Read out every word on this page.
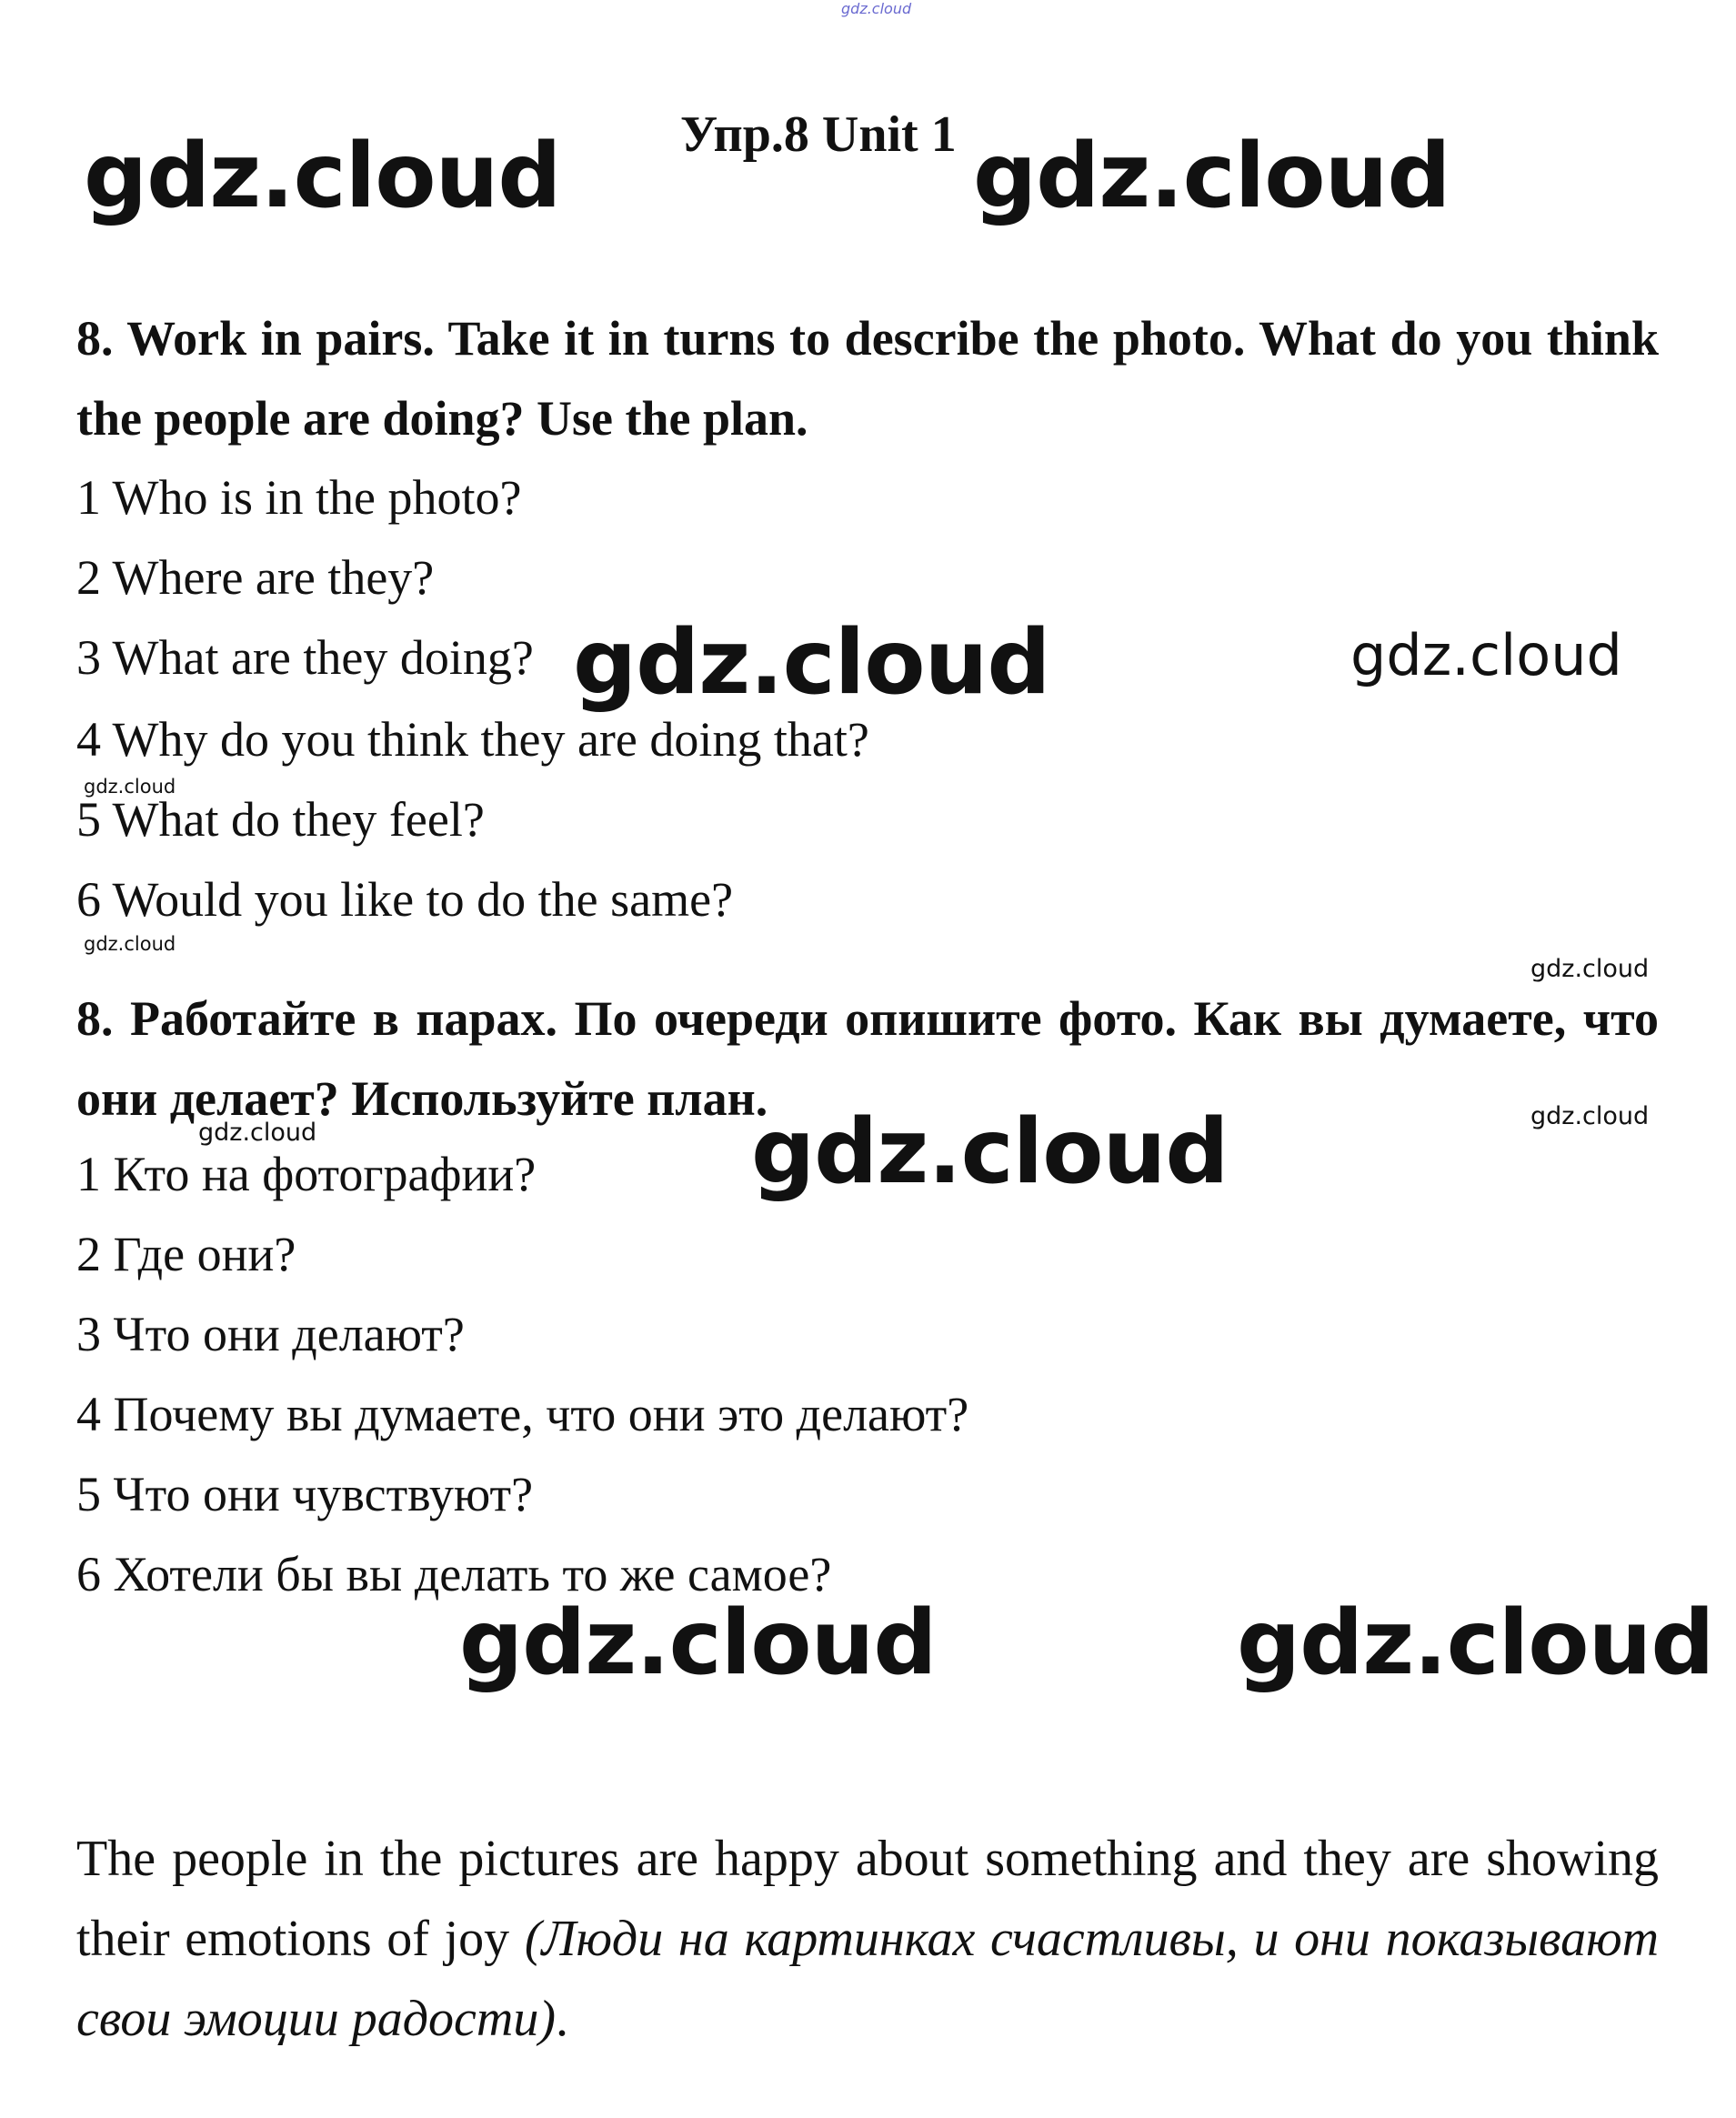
gdz.cloud
Упр.8 Unit 1
gdz.cloud	gdz.cloud
8. Work in pairs. Take it in turns to describe the photo. What do you think the people are doing? Use the plan.
1 Who is in the photo?
2 Where are they?
3 What are they doing?
4 Why do you think they are doing that?
5 What do they feel?
6 Would you like to do the same?
gdz.cloud	gdz.cloud
gdz.cloud
gdz.cloud
gdz.cloud
8. Работайте в парах. По очереди опишите фото. Как вы думаете, что они делает? Используйте план.	gdz.cloud
gdz.cloud	gdz.cloud
1 Кто на фотографии?
2 Где они?
3 Что они делают?
4 Почему вы думаете, что они это делают?
5 Что они чувствуют?
6 Хотели бы вы делать то же самое?
gdz.cloud	gdz.cloud
The people in the pictures are happy about something and they are showing their emotions of joy (Люди на картинках счастливы, и они показывают свои эмоции радости).
